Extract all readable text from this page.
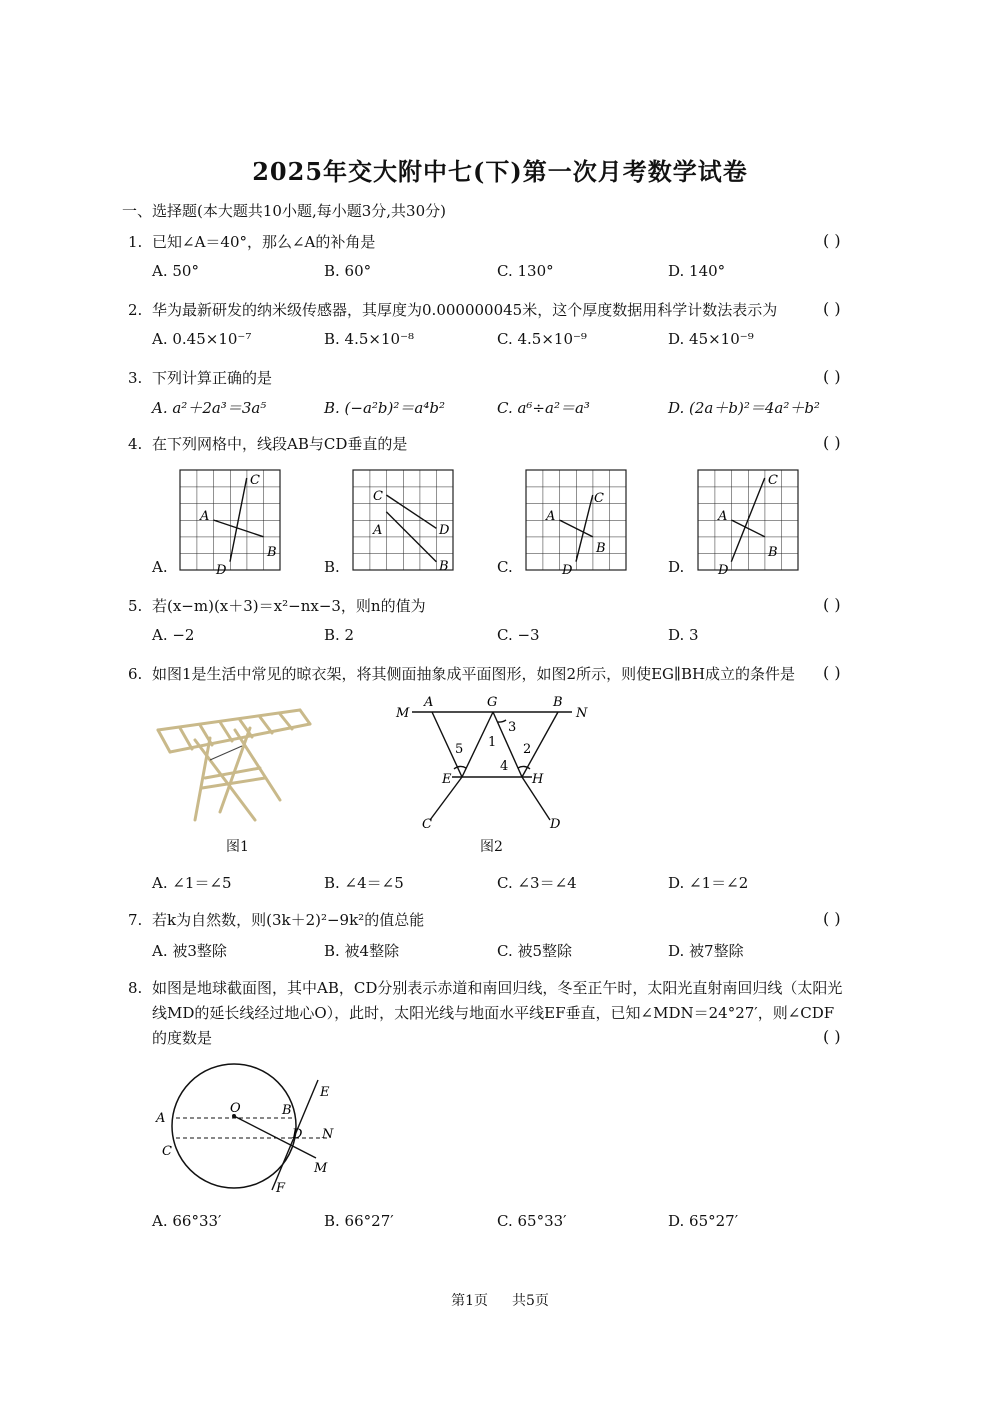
2025年交大附中七(下)第一次月考数学试卷
一、选择题(本大题共10小题,每小题3分,共30分)
1. 已知∠A＝40°，那么∠A的补角是	( )
A. 50°	B. 60°	C. 130°	D. 140°
2. 华为最新研发的纳米级传感器，其厚度为0.000000045米，这个厚度数据用科学计数法表示为	( )
A. 0.45×10⁻⁷	B. 4.5×10⁻⁸	C. 4.5×10⁻⁹	D. 45×10⁻⁹
3. 下列计算正确的是	( )
A. a²＋2a³＝3a⁵	B. (−a²b)²＝a⁴b²	C. a⁶÷a²＝a³	D. (2a＋b)²＝4a²＋b²
4. 在下列网格中，线段AB与CD垂直的是	( )
A
C
B
D
C
A	D
B
A
C
B
D
A
C
B
D
A.	B.	C.	D.
5. 若(x−m)(x＋3)＝x²−nx−3，则n的值为	( )
A. −2	B. 2	C. −3	D. 3
6. 如图1是生活中常见的晾衣架，将其侧面抽象成平面图形，如图2所示，则使EG∥BH成立的条件是 ( )
图1
M
A	G	B
N
E	H
C	D
1 2
3
4
5
图2
A. ∠1＝∠5	B. ∠4＝∠5	C. ∠3＝∠4	D. ∠1＝∠2
7. 若k为自然数，则(3k＋2)²−9k²的值总能	( )
A. 被3整除	B. 被4整除	C. 被5整除	D. 被7整除
8. 如图是地球截面图，其中AB，CD分别表示赤道和南回归线，冬至正午时，太阳光直射南回归线（太阳光
线MD的延长线经过地心O），此时，太阳光线与地面水平线EF垂直，已知∠MDN＝24°27′，则∠CDF
的度数是	( )
A
O	B
E
C
D N
M
F
A. 66°33′	B. 66°27′	C. 65°33′	D. 65°27′
第1页 共5页
